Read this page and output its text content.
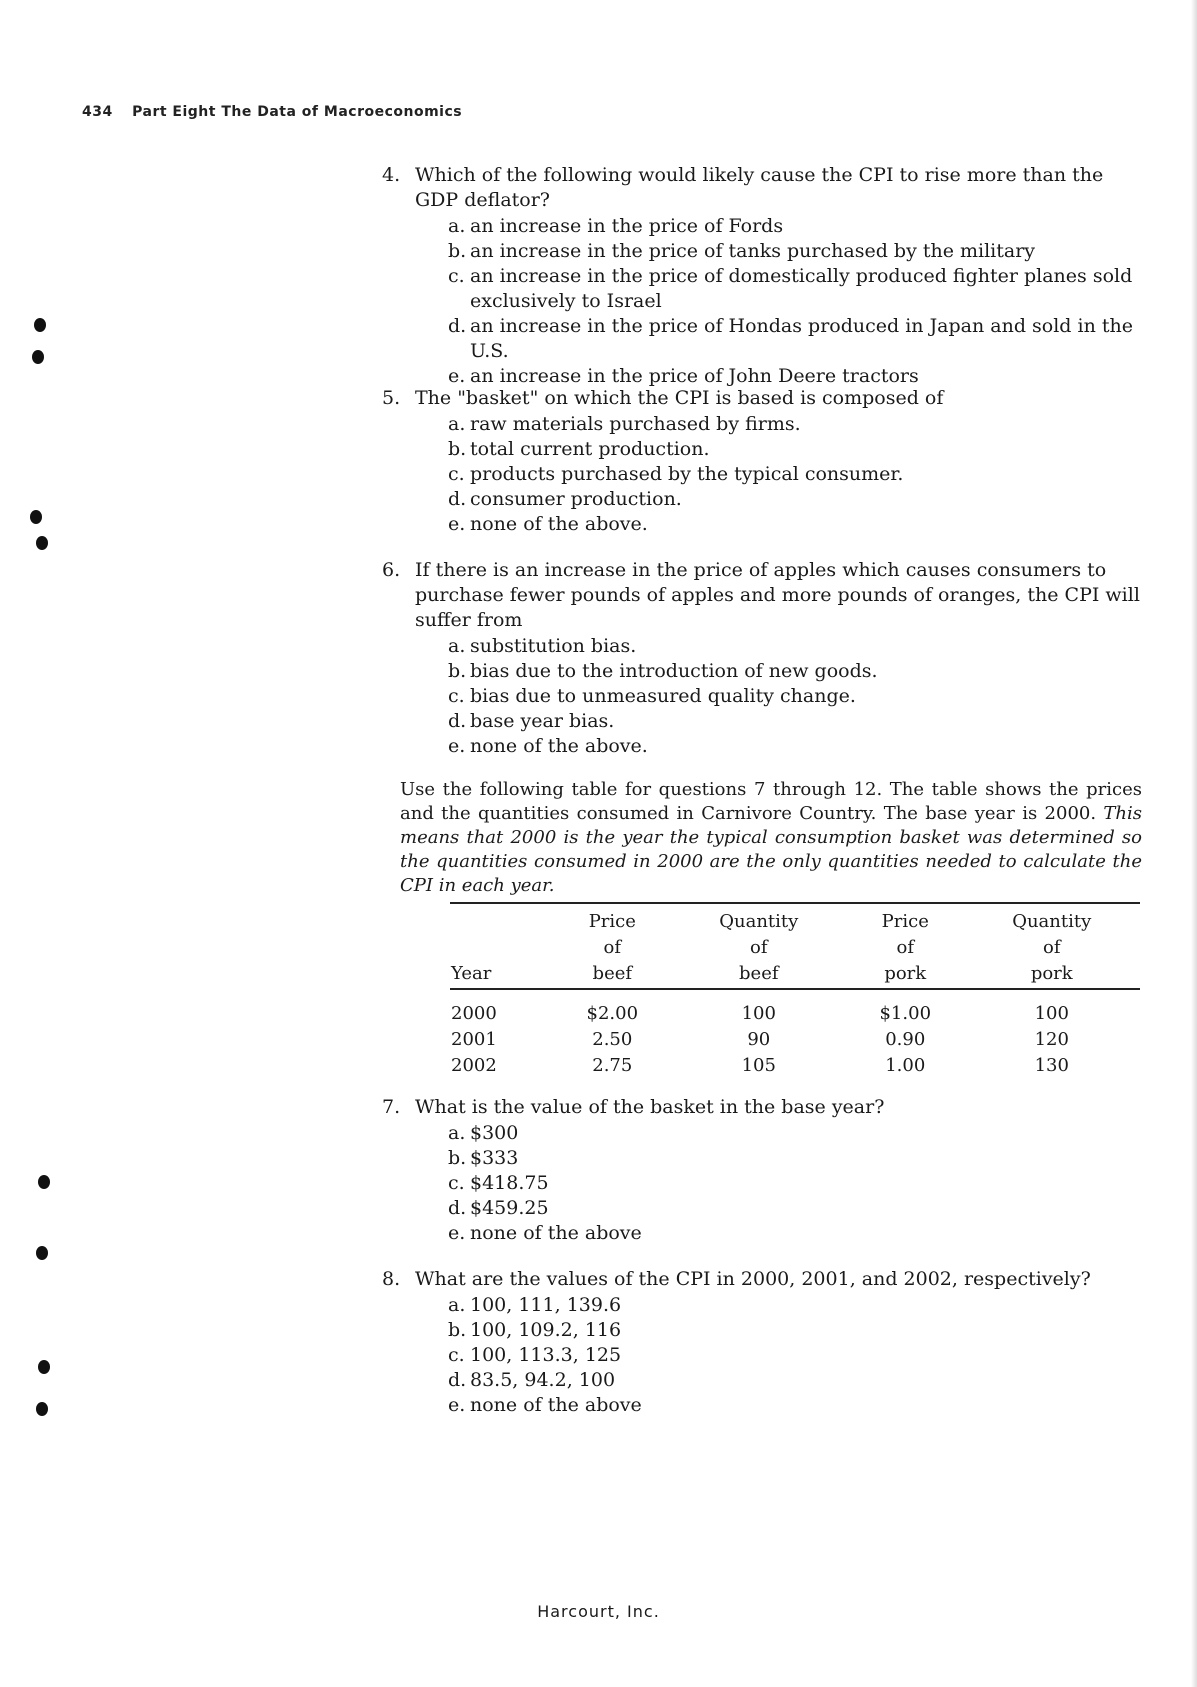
434 Part Eight The Data of Macroeconomics
4. Which of the following would likely cause the CPI to rise more than the GDP deflator?
a. an increase in the price of Fords
b. an increase in the price of tanks purchased by the military
c. an increase in the price of domestically produced fighter planes sold exclusively to Israel
d. an increase in the price of Hondas produced in Japan and sold in the U.S.
e. an increase in the price of John Deere tractors
5. The "basket" on which the CPI is based is composed of
a. raw materials purchased by firms.
b. total current production.
c. products purchased by the typical consumer.
d. consumer production.
e. none of the above.
6. If there is an increase in the price of apples which causes consumers to purchase fewer pounds of apples and more pounds of oranges, the CPI will suffer from
a. substitution bias.
b. bias due to the introduction of new goods.
c. bias due to unmeasured quality change.
d. base year bias.
e. none of the above.
Use the following table for questions 7 through 12. The table shows the prices and the quantities consumed in Carnivore Country. The base year is 2000. This means that 2000 is the year the typical consumption basket was determined so the quantities consumed in 2000 are the only quantities needed to calculate the CPI in each year.
	Price	Quantity	Price	Quantity
	of	of	of	of
Year	beef	beef	pork	pork
2000	$2.00	100	$1.00	100
2001	2.50	90	0.90	120
2002	2.75	105	1.00	130
7. What is the value of the basket in the base year?
a. $300
b. $333
c. $418.75
d. $459.25
e. none of the above
8. What are the values of the CPI in 2000, 2001, and 2002, respectively?
a. 100, 111, 139.6
b. 100, 109.2, 116
c. 100, 113.3, 125
d. 83.5, 94.2, 100
e. none of the above
Harcourt, Inc.
